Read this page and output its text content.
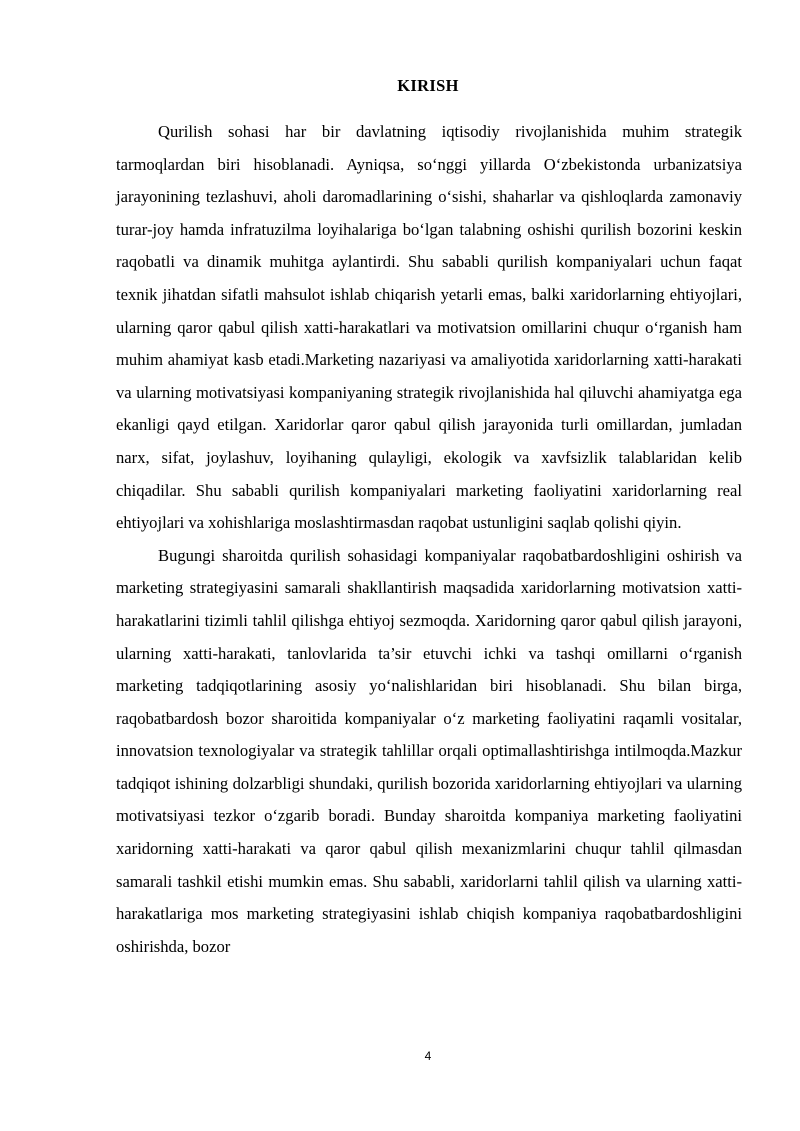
KIRISH

Qurilish sohasi har bir davlatning iqtisodiy rivojlanishida muhim strategik tarmoqlardan biri hisoblanadi. Ayniqsa, so‘nggi yillarda O‘zbekistonda urbanizatsiya jarayonining tezlashuvi, aholi daromadlarining o‘sishi, shaharlar va qishloqlarda zamonaviy turar-joy hamda infratuzilma loyihalariga bo‘lgan talabning oshishi qurilish bozorini keskin raqobatli va dinamik muhitga aylantirdi. Shu sababli qurilish kompaniyalari uchun faqat texnik jihatdan sifatli mahsulot ishlab chiqarish yetarli emas, balki xaridorlarning ehtiyojlari, ularning qaror qabul qilish xatti-harakatlari va motivatsion omillarini chuqur o‘rganish ham muhim ahamiyat kasb etadi.Marketing nazariyasi va amaliyotida xaridorlarning xatti-harakati va ularning motivatsiyasi kompaniyaning strategik rivojlanishida hal qiluvchi ahamiyatga ega ekanligi qayd etilgan. Xaridorlar qaror qabul qilish jarayonida turli omillardan, jumladan narx, sifat, joylashuv, loyihaning qulayligi, ekologik va xavfsizlik talablaridan kelib chiqadilar. Shu sababli qurilish kompaniyalari marketing faoliyatini xaridorlarning real ehtiyojlari va xohishlariga moslashtirmasdan raqobat ustunligini saqlab qolishi qiyin.

Bugungi sharoitda qurilish sohasidagi kompaniyalar raqobatbardoshligini oshirish va marketing strategiyasini samarali shakllantirish maqsadida xaridorlarning motivatsion xatti-harakatlarini tizimli tahlil qilishga ehtiyoj sezmoqda. Xaridorning qaror qabul qilish jarayoni, ularning xatti-harakati, tanlovlarida ta’sir etuvchi ichki va tashqi omillarni o‘rganish marketing tadqiqotlarining asosiy yo‘nalishlaridan biri hisoblanadi. Shu bilan birga, raqobatbardosh bozor sharoitida kompaniyalar o‘z marketing faoliyatini raqamli vositalar, innovatsion texnologiyalar va strategik tahlillar orqali optimallashtirishga intilmoqda.Mazkur tadqiqot ishining dolzarbligi shundaki, qurilish bozorida xaridorlarning ehtiyojlari va ularning motivatsiyasi tezkor o‘zgarib boradi. Bunday sharoitda kompaniya marketing faoliyatini xaridorning xatti-harakati va qaror qabul qilish mexanizmlarini chuqur tahlil qilmasdan samarali tashkil etishi mumkin emas. Shu sababli, xaridorlarni tahlil qilish va ularning xatti-harakatlariga mos marketing strategiyasini ishlab chiqish kompaniya raqobatbardoshligini oshirishda, bozor

4
